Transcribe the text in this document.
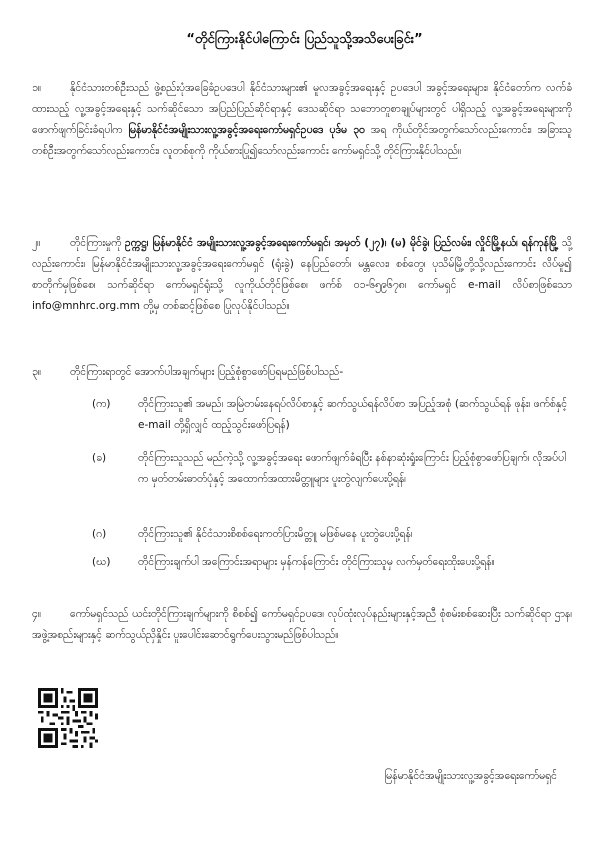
“တိုင်ကြားနိုင်ပါကြောင်း ပြည်သူသို့အသိပေးခြင်း”
၁။	နိုင်ငံသားတစ်ဦးသည် ဖွဲ့စည်းပုံအခြေခံဥပဒေပါ နိုင်ငံသားများ၏ မူလအခွင့်အရေးနှင့် ဥပဒေပါ အခွင့်အရေးများ၊ နိုင်ငံတော်က လက်ခံထားသည့် လူ့အခွင့်အရေးနှင့် သက်ဆိုင်သော အပြည်ပြည်ဆိုင်ရာနှင့် ဒေသဆိုင်ရာ သဘောတူစာချုပ်များတွင် ပါရှိသည့် လူ့အခွင့်အရေးများကို ဖောက်ဖျက်ခြင်းခံရပါက မြန်မာနိုင်ငံအမျိုးသားလူ့အခွင့်အရေးကော်မရှင်ဥပဒေ ပုဒ်မ ၃၀ အရ ကိုယ်တိုင်အတွက်သော်လည်းကောင်း၊ အခြားသူတစ်ဦးအတွက်သော်လည်းကောင်း၊ လူတစ်စုကို ကိုယ်စားပြု၍သော်လည်းကောင်း ကော်မရှင်သို့ တိုင်ကြားနိုင်ပါသည်။
၂။	တိုင်ကြားမှုကို ဥက္ကဋ္ဌ၊ မြန်မာနိုင်ငံ အမျိုးသားလူ့အခွင့်အရေးကော်မရှင်၊ အမှတ် (၂၇)၊ (မ) မိုင်ခွဲ၊ ပြည်လမ်း၊ လှိုင်မြို့နယ်၊ ရန်ကုန်မြို့ သို့လည်းကောင်း၊ မြန်မာနိုင်ငံအမျိုးသားလူ့အခွင့်အရေးကော်မရှင် (ရုံးခွဲ) နေပြည်တော်၊ မန္တလေး၊ စစ်တွေ၊ ပုသိမ်မြို့တို့သို့လည်းကောင်း လိပ်မူ၍ စာတိုက်မှဖြစ်စေ၊ သက်ဆိုင်ရာ ကော်မရှင်ရုံးသို့ လူကိုယ်တိုင်ဖြစ်စေ၊ ဖက်စ် ၀၁-၆၅၉၆၇၈၊ ကော်မရှင် e-mail လိပ်စာဖြစ်သော info@mnhrc.org.mm တို့မှ တစ်ဆင့်ဖြစ်စေ ပြုလုပ်နိုင်ပါသည်။
၃။	တိုင်ကြားရာတွင် အောက်ပါအချက်များ ပြည့်စုံစွာဖော်ပြရမည်ဖြစ်ပါသည်-
(က)	တိုင်ကြားသူ၏ အမည်၊ အမြဲတမ်းနေရပ်လိပ်စာနှင့် ဆက်သွယ်ရန်လိပ်စာ အပြည့်အစုံ (ဆက်သွယ်ရန် ဖုန်း၊ ဖက်စ်နှင့် e-mail တို့ရှိလျှင် ထည့်သွင်းဖော်ပြရန်)
(ခ)	တိုင်ကြားသူသည် မည်ကဲ့သို့ လူ့အခွင့်အရေး ဖောက်ဖျက်ခံရပြီး နစ်နာဆုံးရှုံးကြောင်း ပြည့်စုံစွာဖော်ပြချက်၊ လိုအပ်ပါက မှတ်တမ်းဓာတ်ပုံနှင့် အထောက်အထားမိတ္တူများ ပူးတွဲလျက်ပေးပို့ရန်၊
(ဂ)	တိုင်ကြားသူ၏ နိုင်ငံသားစိစစ်ရေးကတ်ပြားမိတ္တူ မဖြစ်မနေ ပူးတွဲပေးပို့ရန်၊
(ဃ)	တိုင်ကြားချက်ပါ အကြောင်းအရာများ မှန်ကန်ကြောင်း တိုင်ကြားသူမှ လက်မှတ်ရေးထိုးပေးပို့ရန်။
၄။	ကော်မရှင်သည် ယင်းတိုင်ကြားချက်များကို စိစစ်၍ ကော်မရှင်ဥပဒေ၊ လုပ်ထုံးလုပ်နည်းများနှင့်အညီ စုံစမ်းစစ်ဆေးပြီး သက်ဆိုင်ရာ ဌာန၊ အဖွဲ့အစည်းများနှင့် ဆက်သွယ်ညှိနှိုင်း ပူးပေါင်းဆောင်ရွက်ပေးသွားမည်ဖြစ်ပါသည်။
မြန်မာနိုင်ငံအမျိုးသားလူ့အခွင့်အရေးကော်မရှင်
